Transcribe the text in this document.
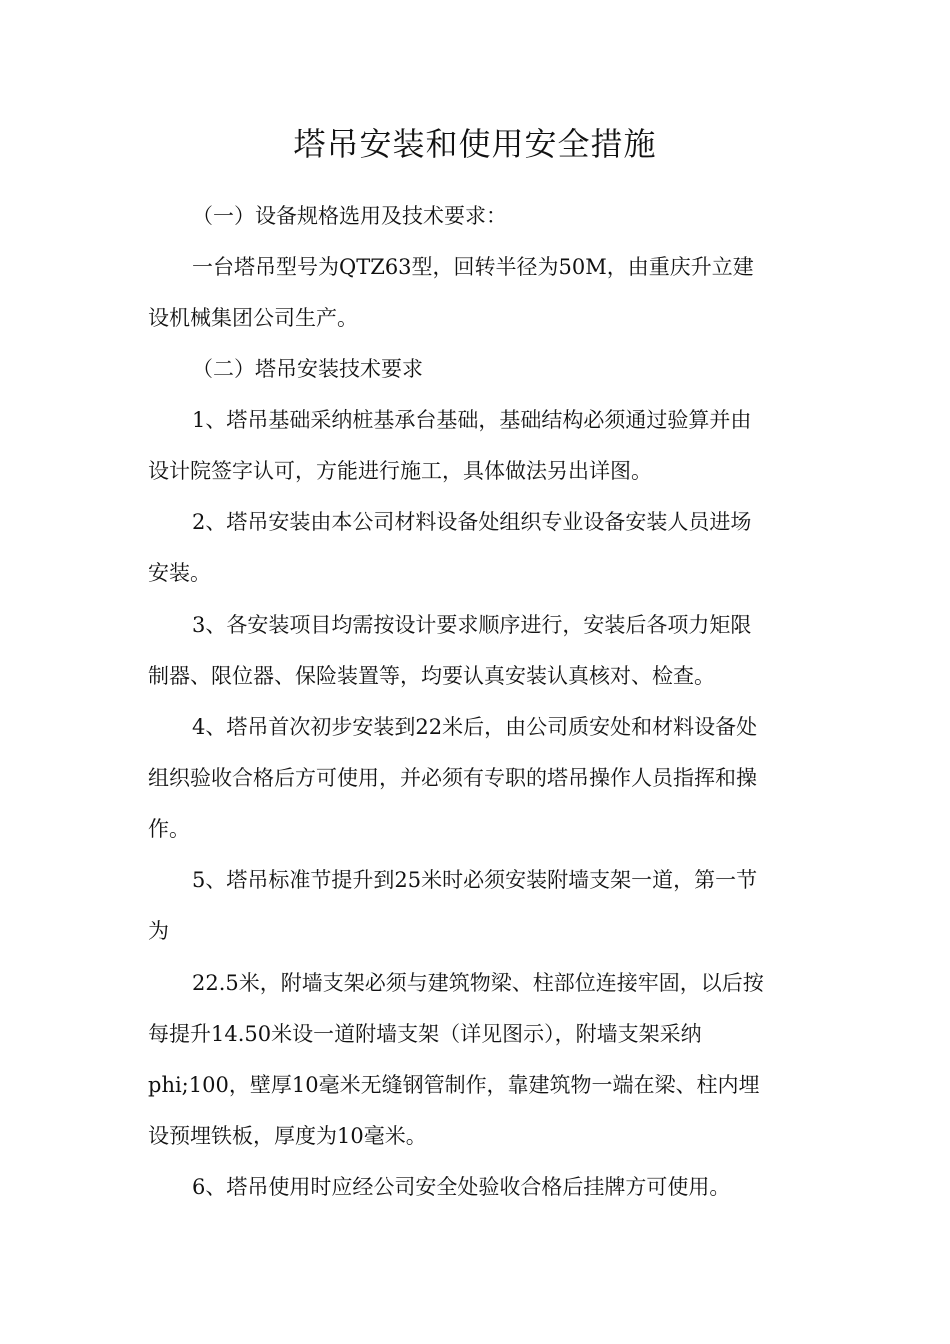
塔吊安装和使用安全措施
（一）设备规格选用及技术要求：
一台塔吊型号为QTZ63型，回转半径为50M，由重庆升立建
设机械集团公司生产。
（二）塔吊安装技术要求
1、塔吊基础采纳桩基承台基础，基础结构必须通过验算并由
设计院签字认可，方能进行施工，具体做法另出详图。
2、塔吊安装由本公司材料设备处组织专业设备安装人员进场
安装。
3、各安装项目均需按设计要求顺序进行，安装后各项力矩限
制器、限位器、保险装置等，均要认真安装认真核对、检查。
4、塔吊首次初步安装到22米后，由公司质安处和材料设备处
组织验收合格后方可使用，并必须有专职的塔吊操作人员指挥和操
作。
5、塔吊标准节提升到25米时必须安装附墙支架一道，第一节
为
22.5米，附墙支架必须与建筑物梁、柱部位连接牢固，以后按
每提升14.50米设一道附墙支架（详见图示），附墙支架采纳
phi;100，壁厚10毫米无缝钢管制作，靠建筑物一端在梁、柱内埋
设预埋铁板，厚度为10毫米。
6、塔吊使用时应经公司安全处验收合格后挂牌方可使用。
